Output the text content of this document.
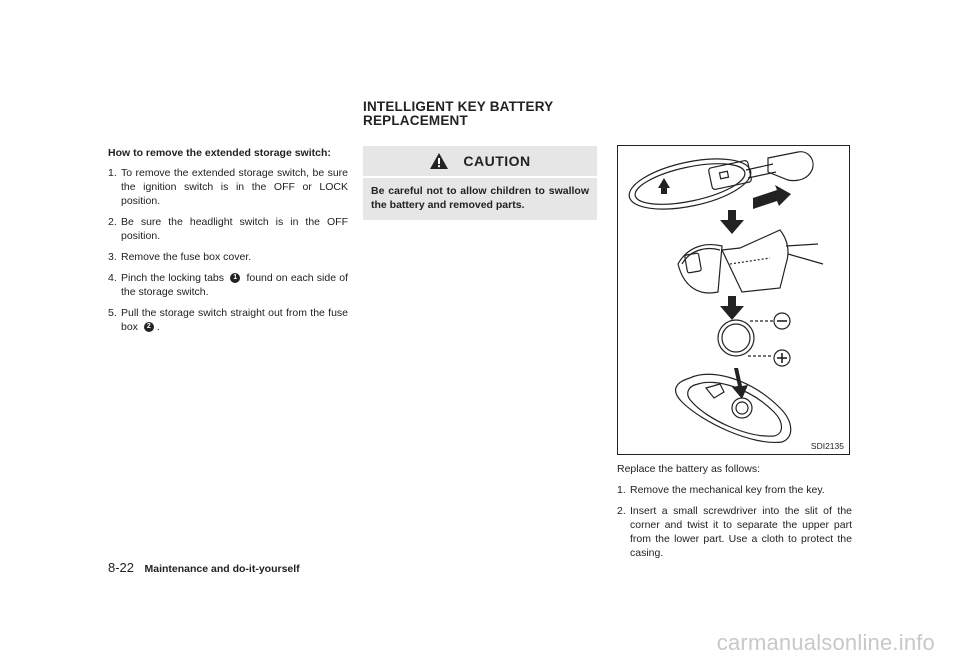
INTELLIGENT KEY BATTERY
REPLACEMENT
How to remove the extended storage switch:
1. To remove the extended storage switch, be sure the ignition switch is in the OFF or LOCK position.
2. Be sure the headlight switch is in the OFF position.
3. Remove the fuse box cover.
4. Pinch the locking tabs 1 found on each side of the storage switch.
5. Pull the storage switch straight out from the fuse box 2 .
CAUTION
Be careful not to allow children to swallow the battery and removed parts.
SDI2135

Replace the battery as follows:

1. Remove the mechanical key from the key.
2. Insert a small screwdriver into the slit of the corner and twist it to separate the upper part from the lower part. Use a cloth to protect the casing.
8-22 Maintenance and do-it-yourself
carmanualsonline.info
